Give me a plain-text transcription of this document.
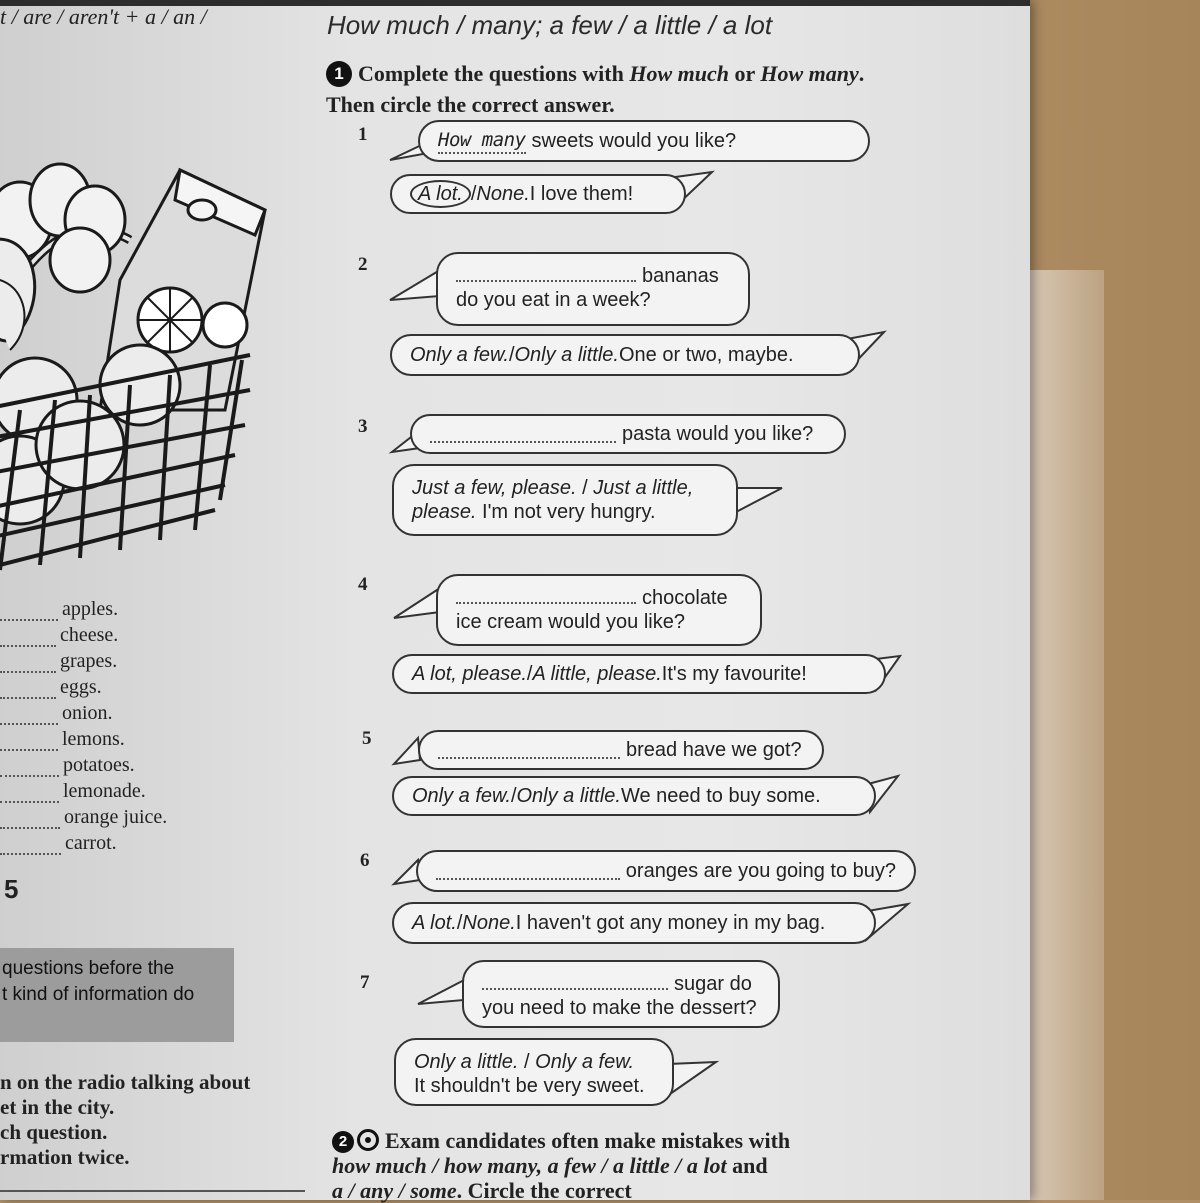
t / are / aren't + a / an /
apples.
cheese.
grapes.
eggs.
onion.
lemons.
potatoes.
lemonade.
orange juice.
carrot.
5
questions before the
t kind of information do
n on the radio talking about
et in the city.
ch question.
rmation twice.
How much / many; a few / a little / a lot
1 Complete the questions with How much or How many. Then circle the correct answer.
1	How many sweets would you like?
A lot. / None. I love them!
2
bananas
do you eat in a week?
Only a few. / Only a little. One or two, maybe.
3	pasta would you like?
Just a few, please. / Just a little,
please. I'm not very hungry.
4
chocolate
ice cream would you like?
A lot, please. / A little, please. It's my favourite!
5
bread have we got?
Only a few. / Only a little. We need to buy some.
6	oranges are you going to buy?
A lot. / None. I haven't got any money in my bag.
7	sugar do
you need to make the dessert?
Only a little. / Only a few.
It shouldn't be very sweet.
2 Exam candidates often make mistakes with
how much / how many, a few / a little / a lot and
a / any / some. Circle the correct
